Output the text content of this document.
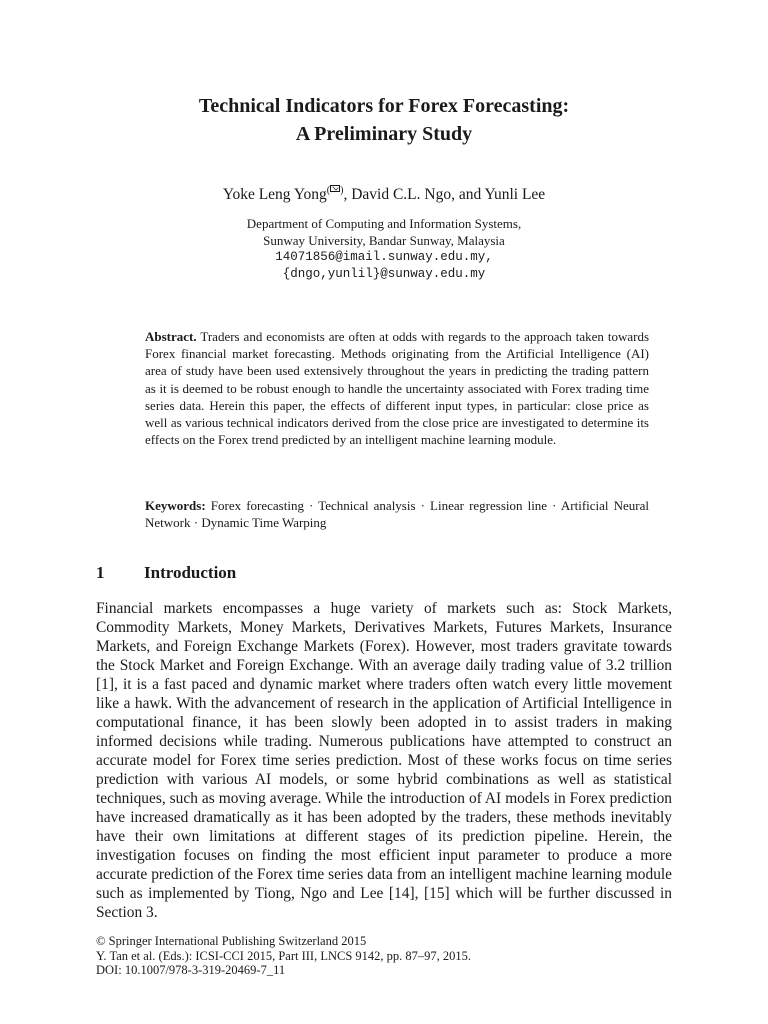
Technical Indicators for Forex Forecasting:
A Preliminary Study
Yoke Leng Yong( ), David C.L. Ngo, and Yunli Lee
Department of Computing and Information Systems,
Sunway University, Bandar Sunway, Malaysia
14071856@imail.sunway.edu.my,
{dngo,yunlil}@sunway.edu.my
Abstract. Traders and economists are often at odds with regards to the approach taken towards Forex financial market forecasting. Methods originating from the Artificial Intelligence (AI) area of study have been used extensively throughout the years in predicting the trading pattern as it is deemed to be robust enough to handle the uncertainty associated with Forex trading time series data. Herein this paper, the effects of different input types, in particular: close price as well as various technical indicators derived from the close price are investigated to determine its effects on the Forex trend predicted by an intelligent machine learning module.
Keywords: Forex forecasting · Technical analysis · Linear regression line · Artificial Neural Network · Dynamic Time Warping
1 Introduction
Financial markets encompasses a huge variety of markets such as: Stock Markets, Commodity Markets, Money Markets, Derivatives Markets, Futures Markets, Insurance Markets, and Foreign Exchange Markets (Forex). However, most traders gravitate towards the Stock Market and Foreign Exchange. With an average daily trading value of 3.2 trillion [1], it is a fast paced and dynamic market where traders often watch every little movement like a hawk. With the advancement of research in the application of Artificial Intelligence in computational finance, it has been slowly been adopted in to assist traders in making informed decisions while trading. Numerous publications have attempted to construct an accurate model for Forex time series prediction. Most of these works focus on time series prediction with various AI models, or some hybrid combinations as well as statistical techniques, such as moving average. While the introduction of AI models in Forex prediction have increased dramatically as it has been adopted by the traders, these methods inevitably have their own limitations at different stages of its prediction pipeline. Herein, the investigation focuses on finding the most efficient input parameter to produce a more accurate prediction of the Forex time series data from an intelligent machine learning module such as implemented by Tiong, Ngo and Lee [14], [15] which will be further discussed in Section 3.
© Springer International Publishing Switzerland 2015
Y. Tan et al. (Eds.): ICSI-CCI 2015, Part III, LNCS 9142, pp. 87–97, 2015.
DOI: 10.1007/978-3-319-20469-7_11
